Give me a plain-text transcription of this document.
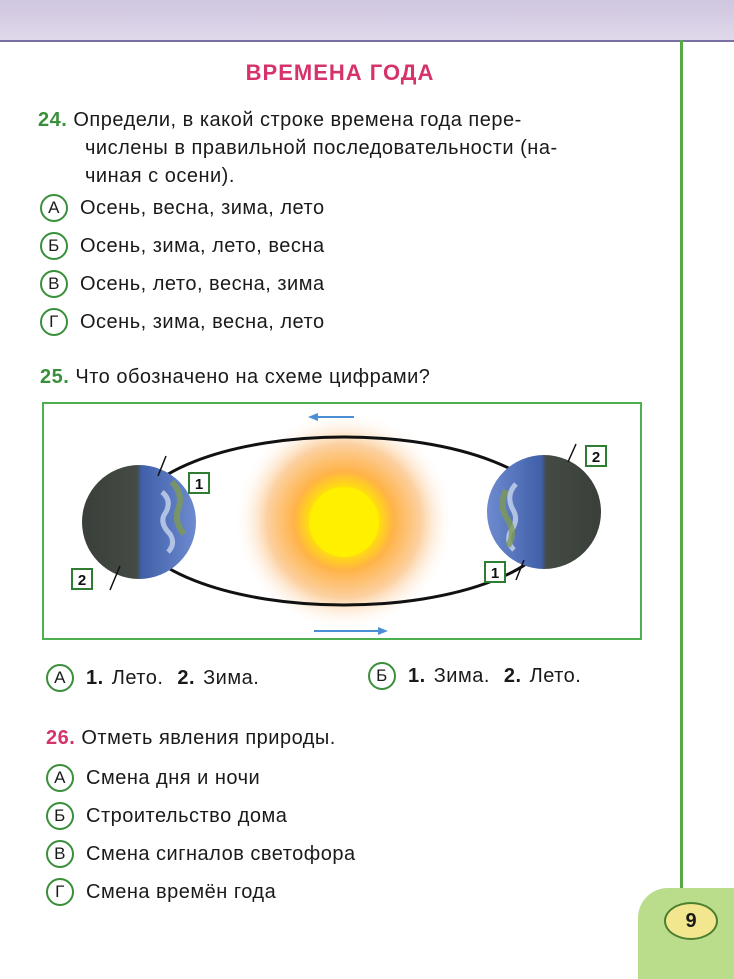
9
ВРЕМЕНА ГОДА
24. Определи, в какой строке времена года пере-
числены в правильной последовательности (на-
чиная с осени).
А	Осень, весна, зима, лето
Б	Осень, зима, лето, весна
В	Осень, лето, весна, зима
Г	Осень, зима, весна, лето
25. Что обозначено на схеме цифрами?
1
2
2
1
А	1. Лето. 2. Зима.	Б	1. Зима. 2. Лето.
26. Отметь явления природы.
А	Смена дня и ночи
Б	Строительство дома
В	Смена сигналов светофора
Г	Смена времён года
